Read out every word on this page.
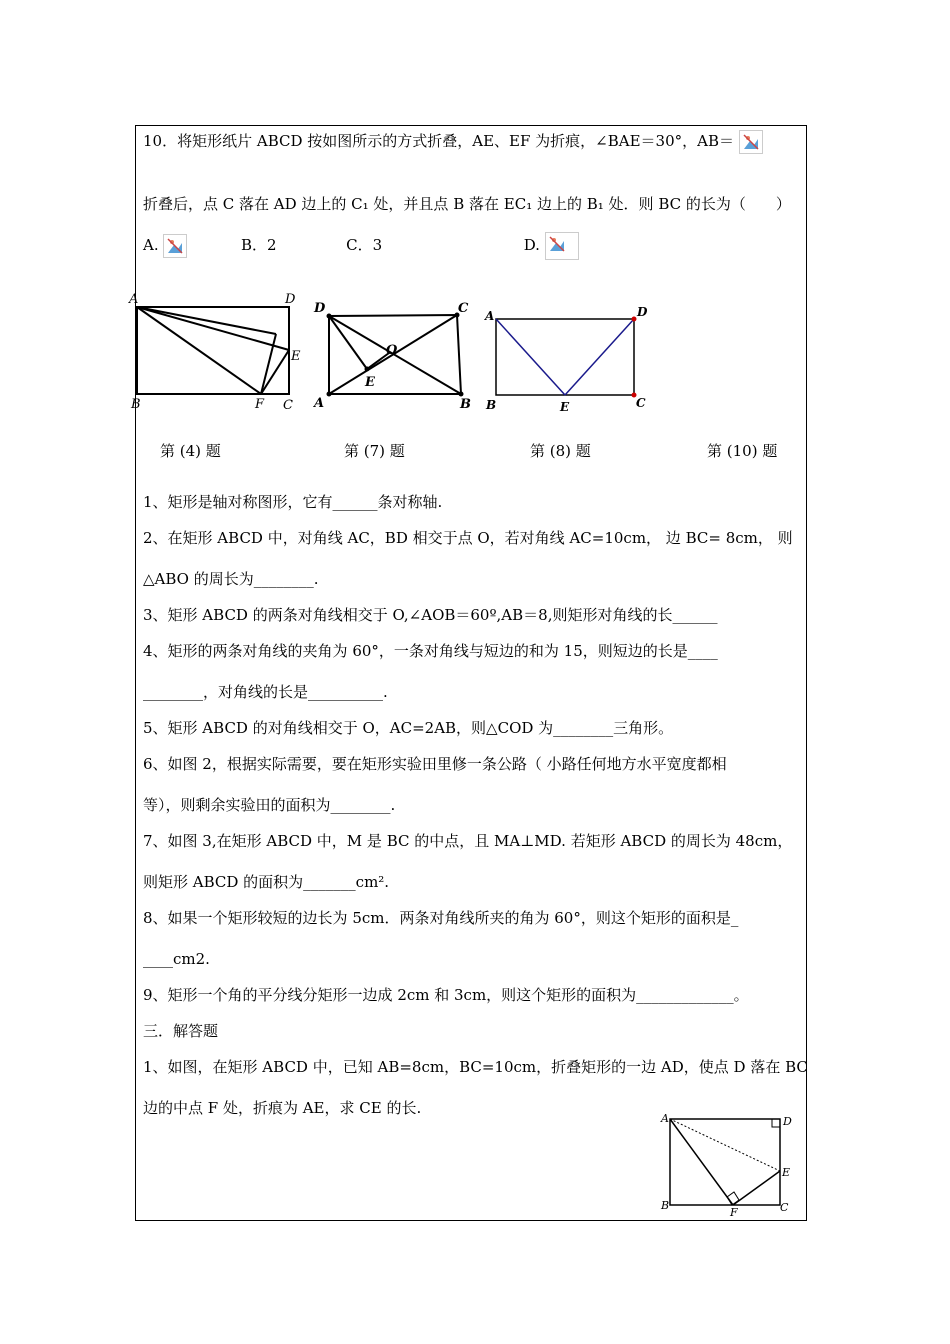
10．将矩形纸片 ABCD 按如图所示的方式折叠，AE、EF 为折痕，∠BAE＝30°，AB＝
折叠后，点 C 落在 AD 边上的 C₁ 处，并且点 B 落在 EC₁ 边上的 B₁ 处．则 BC 的长为（　　）
A.	B．2	C．3	D.
A	D
E
B	F C
D	C
O
E
A	B
A	D
B	E	C
第 (4) 题	第 (7) 题	第 (8) 题	第 (10) 题
1、矩形是轴对称图形，它有______条对称轴.
2、在矩形 ABCD 中，对角线 AC，BD 相交于点 O，若对角线 AC=10cm， 边 BC= 8cm， 则
△ABO 的周长为________.
3、矩形 ABCD 的两条对角线相交于 O,∠AOB＝60º,AB＝8,则矩形对角线的长______
4、矩形的两条对角线的夹角为 60°，一条对角线与短边的和为 15，则短边的长是____
________，对角线的长是__________.
5、矩形 ABCD 的对角线相交于 O，AC=2AB，则△COD 为________三角形。
6、如图 2，根据实际需要，要在矩形实验田里修一条公路（ 小路任何地方水平宽度都相
等），则剩余实验田的面积为________.
7、如图 3,在矩形 ABCD 中，M 是 BC 的中点，且 MA⊥MD. 若矩形 ABCD 的周长为 48cm，
则矩形 ABCD 的面积为_______cm².
8、如果一个矩形较短的边长为 5cm．两条对角线所夹的角为 60°，则这个矩形的面积是_
____cm2.
9、矩形一个角的平分线分矩形一边成 2cm 和 3cm，则这个矩形的面积为_____________。
三．解答题
1、如图，在矩形 ABCD 中，已知 AB=8cm，BC=10cm，折叠矩形的一边 AD，使点 D 落在 BC
边的中点 F 处，折痕为 AE，求 CE 的长.
A	D
E
B
F	C
